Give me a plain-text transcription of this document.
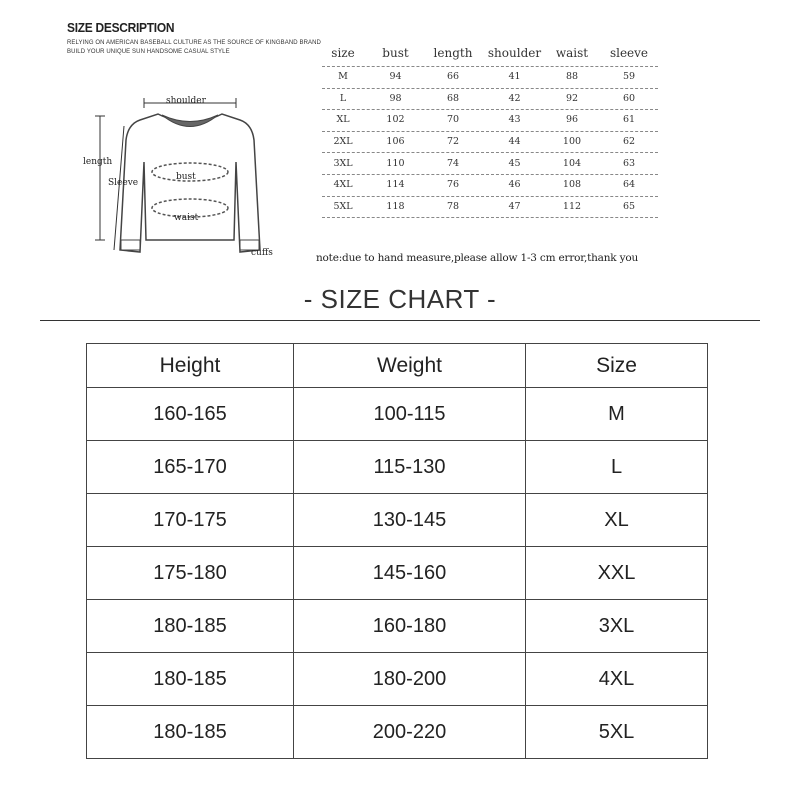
SIZE DESCRIPTION
RELYING ON AMERICAN BASEBALL CULTURE AS THE SOURCE OF KINGBAND BRAND
BUILD YOUR UNIQUE SUN HANDSOME CASUAL STYLE
shoulder
length
Sleeve
bust
waist
cuffs
size	bust	length	shoulder	waist	sleeve
M	94	66	41	88	59
L	98	68	42	92	60
XL	102	70	43	96	61
2XL	106	72	44	100	62
3XL	110	74	45	104	63
4XL	114	76	46	108	64
5XL	118	78	47	112	65
note:due to hand measure,please allow 1-3 cm error,thank you
- SIZE CHART -
Height	Weight	Size
160-165	100-115	M
165-170	115-130	L
170-175	130-145	XL
175-180	145-160	XXL
180-185	160-180	3XL
180-185	180-200	4XL
180-185	200-220	5XL
